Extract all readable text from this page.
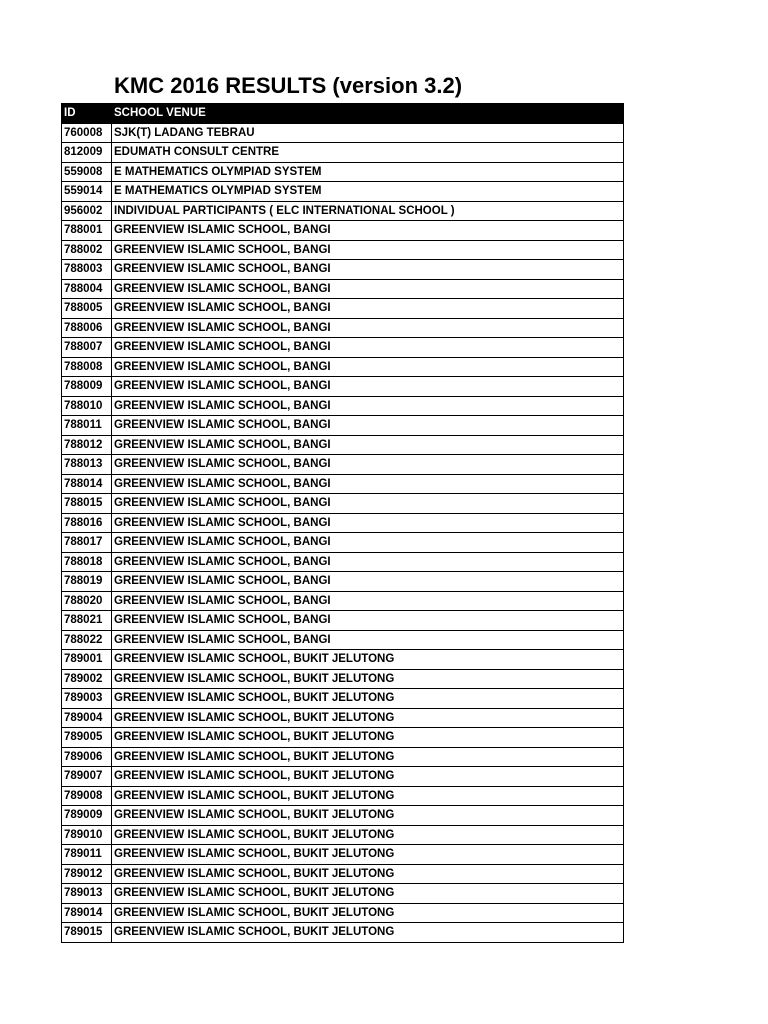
KMC 2016 RESULTS (version 3.2)
ID	SCHOOL VENUE
760008	SJK(T) LADANG TEBRAU
812009	EDUMATH CONSULT CENTRE
559008	E MATHEMATICS OLYMPIAD SYSTEM
559014	E MATHEMATICS OLYMPIAD SYSTEM
956002	INDIVIDUAL PARTICIPANTS ( ELC INTERNATIONAL SCHOOL )
788001	GREENVIEW ISLAMIC SCHOOL, BANGI
788002	GREENVIEW ISLAMIC SCHOOL, BANGI
788003	GREENVIEW ISLAMIC SCHOOL, BANGI
788004	GREENVIEW ISLAMIC SCHOOL, BANGI
788005	GREENVIEW ISLAMIC SCHOOL, BANGI
788006	GREENVIEW ISLAMIC SCHOOL, BANGI
788007	GREENVIEW ISLAMIC SCHOOL, BANGI
788008	GREENVIEW ISLAMIC SCHOOL, BANGI
788009	GREENVIEW ISLAMIC SCHOOL, BANGI
788010	GREENVIEW ISLAMIC SCHOOL, BANGI
788011	GREENVIEW ISLAMIC SCHOOL, BANGI
788012	GREENVIEW ISLAMIC SCHOOL, BANGI
788013	GREENVIEW ISLAMIC SCHOOL, BANGI
788014	GREENVIEW ISLAMIC SCHOOL, BANGI
788015	GREENVIEW ISLAMIC SCHOOL, BANGI
788016	GREENVIEW ISLAMIC SCHOOL, BANGI
788017	GREENVIEW ISLAMIC SCHOOL, BANGI
788018	GREENVIEW ISLAMIC SCHOOL, BANGI
788019	GREENVIEW ISLAMIC SCHOOL, BANGI
788020	GREENVIEW ISLAMIC SCHOOL, BANGI
788021	GREENVIEW ISLAMIC SCHOOL, BANGI
788022	GREENVIEW ISLAMIC SCHOOL, BANGI
789001	GREENVIEW ISLAMIC SCHOOL, BUKIT JELUTONG
789002	GREENVIEW ISLAMIC SCHOOL, BUKIT JELUTONG
789003	GREENVIEW ISLAMIC SCHOOL, BUKIT JELUTONG
789004	GREENVIEW ISLAMIC SCHOOL, BUKIT JELUTONG
789005	GREENVIEW ISLAMIC SCHOOL, BUKIT JELUTONG
789006	GREENVIEW ISLAMIC SCHOOL, BUKIT JELUTONG
789007	GREENVIEW ISLAMIC SCHOOL, BUKIT JELUTONG
789008	GREENVIEW ISLAMIC SCHOOL, BUKIT JELUTONG
789009	GREENVIEW ISLAMIC SCHOOL, BUKIT JELUTONG
789010	GREENVIEW ISLAMIC SCHOOL, BUKIT JELUTONG
789011	GREENVIEW ISLAMIC SCHOOL, BUKIT JELUTONG
789012	GREENVIEW ISLAMIC SCHOOL, BUKIT JELUTONG
789013	GREENVIEW ISLAMIC SCHOOL, BUKIT JELUTONG
789014	GREENVIEW ISLAMIC SCHOOL, BUKIT JELUTONG
789015	GREENVIEW ISLAMIC SCHOOL, BUKIT JELUTONG
